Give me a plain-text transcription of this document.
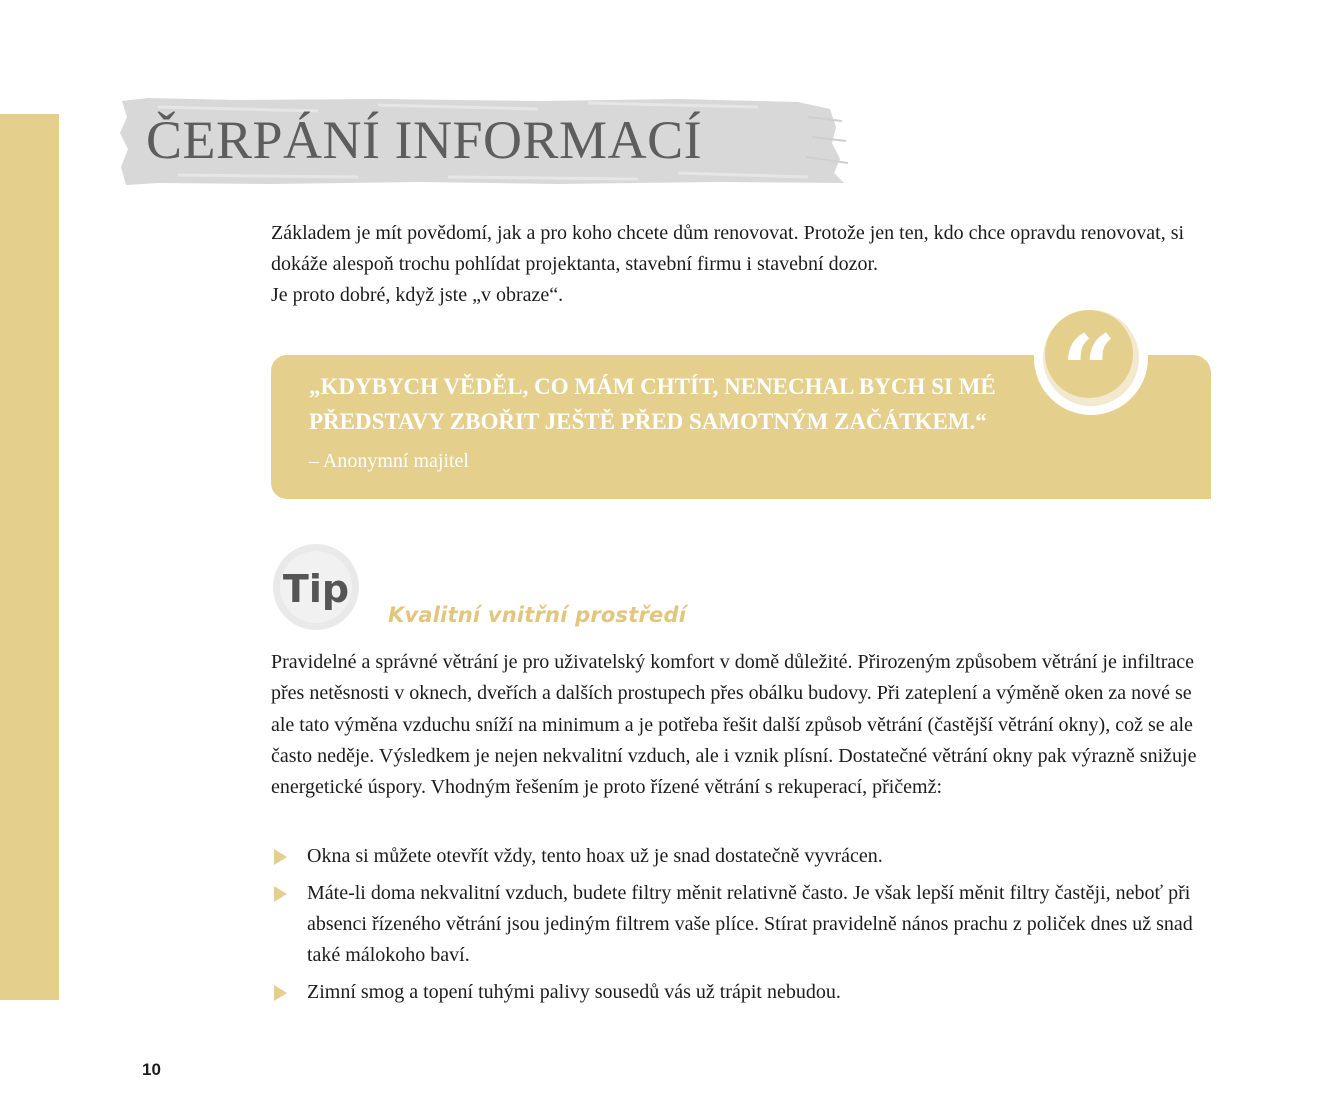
ČERPÁNÍ INFORMACÍ

Základem je mít povědomí, jak a pro koho chcete dům renovovat. Protože jen ten, kdo chce opravdu renovovat, si dokáže alespoň trochu pohlídat projektanta, stavební firmu i stavební dozor.

Je proto dobré, když jste „v obraze“.

„KDYBYCH VĚDĚL, CO MÁM CHTÍT, NENECHAL BYCH SI MÉ PŘEDSTAVY ZBOŘIT JEŠTĚ PŘED SAMOTNÝM ZAČÁTKEM.“

– Anonymní majitel

“
Tip

Kvalitní vnitřní prostředí

Pravidelné a správné větrání je pro uživatelský komfort v domě důležité. Přirozeným způsobem větrání je infiltrace přes netěsnosti v oknech, dveřích a dalších prostupech přes obálku budovy. Při zateplení a výměně oken za nové se ale tato výměna vzduchu sníží na minimum a je potřeba řešit další způsob větrání (častější větrání okny), což se ale často neděje. Výsledkem je nejen nekvalitní vzduch, ale i vznik plísní. Dostatečné větrání okny pak výrazně snižuje energetické úspory. Vhodným řešením je proto řízené větrání s rekuperací, přičemž:

Okna si můžete otevřít vždy, tento hoax už je snad dostatečně vyvrácen.
Máte-li doma nekvalitní vzduch, budete filtry měnit relativně často. Je však lepší měnit filtry častěji, neboť při absenci řízeného větrání jsou jediným filtrem vaše plíce. Stírat pravidelně nános prachu z poliček dnes už snad také málokoho baví.
Zimní smog a topení tuhými palivy sousedů vás už trápit nebudou.

10
